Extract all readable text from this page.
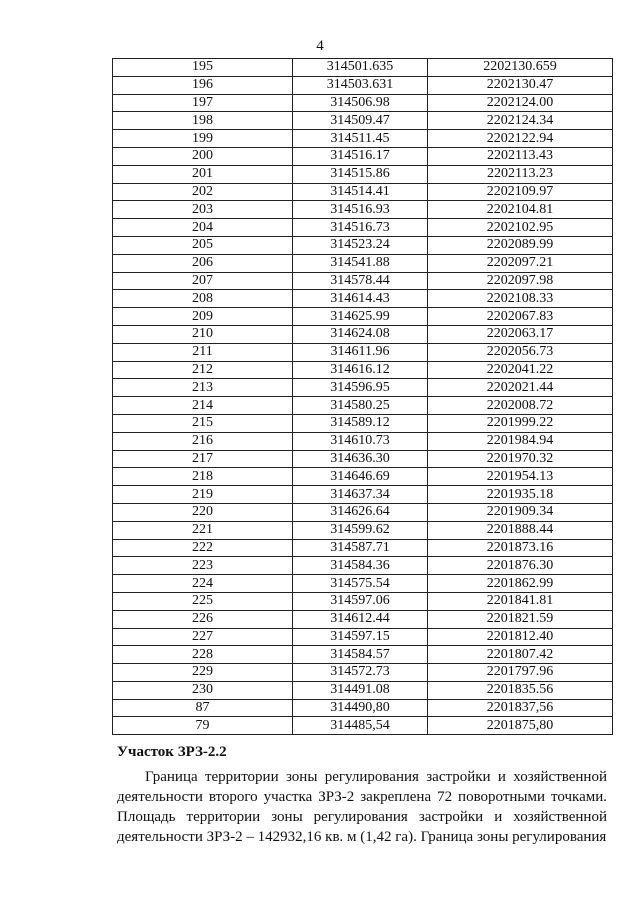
4
195	314501.635	2202130.659
196	314503.631	2202130.47
197	314506.98	2202124.00
198	314509.47	2202124.34
199	314511.45	2202122.94
200	314516.17	2202113.43
201	314515.86	2202113.23
202	314514.41	2202109.97
203	314516.93	2202104.81
204	314516.73	2202102.95
205	314523.24	2202089.99
206	314541.88	2202097.21
207	314578.44	2202097.98
208	314614.43	2202108.33
209	314625.99	2202067.83
210	314624.08	2202063.17
211	314611.96	2202056.73
212	314616.12	2202041.22
213	314596.95	2202021.44
214	314580.25	2202008.72
215	314589.12	2201999.22
216	314610.73	2201984.94
217	314636.30	2201970.32
218	314646.69	2201954.13
219	314637.34	2201935.18
220	314626.64	2201909.34
221	314599.62	2201888.44
222	314587.71	2201873.16
223	314584.36	2201876.30
224	314575.54	2201862.99
225	314597.06	2201841.81
226	314612.44	2201821.59
227	314597.15	2201812.40
228	314584.57	2201807.42
229	314572.73	2201797.96
230	314491.08	2201835.56
87	314490,80	2201837,56
79	314485,54	2201875,80
Участок ЗРЗ-2.2
Граница территории зоны регулирования застройки и хозяйственной деятельности второго участка ЗРЗ-2 закреплена 72 поворотными точками. Площадь территории зоны регулирования застройки и хозяйственной деятельности ЗРЗ-2 – 142932,16 кв. м (1,42 га). Граница зоны регулирования
